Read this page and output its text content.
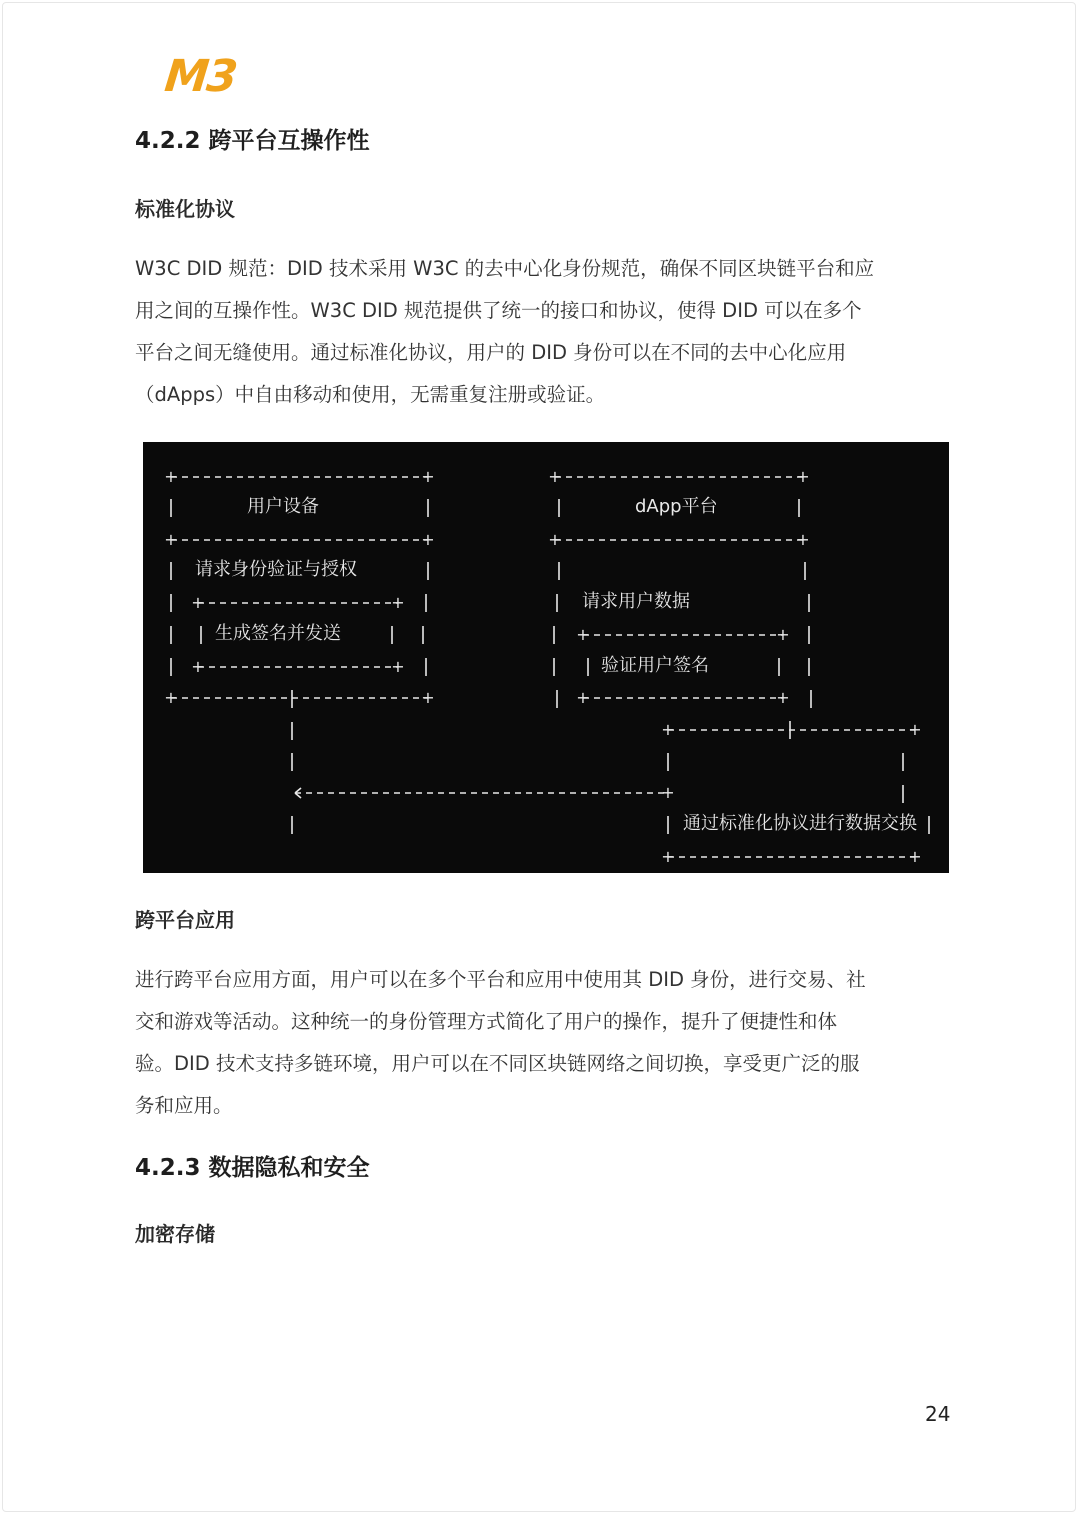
M3
4.2.2 跨平台互操作性
标准化协议
W3C DID 规范：DID 技术采用 W3C 的去中心化身份规范，确保不同区块链平台和应
用之间的互操作性。W3C DID 规范提供了统一的接口和协议，使得 DID 可以在多个
平台之间无缝使用。通过标准化协议，用户的 DID 身份可以在不同的去中心化应用
（dApps）中自由移动和使用，无需重复注册或验证。
+	+
+	+
+	+
+	+
+	+
+	+
+	+
+	+
+	+
+	+
+
+	+
用户设备
请求身份验证与授权
生成签名并发送
dApp平台
请求用户数据
验证用户签名
通过标准化协议进行数据交换
跨平台应用
进行跨平台应用方面，用户可以在多个平台和应用中使用其 DID 身份，进行交易、社
交和游戏等活动。这种统一的身份管理方式简化了用户的操作，提升了便捷性和体
验。DID 技术支持多链环境，用户可以在不同区块链网络之间切换，享受更广泛的服
务和应用。
4.2.3 数据隐私和安全
加密存储
24
